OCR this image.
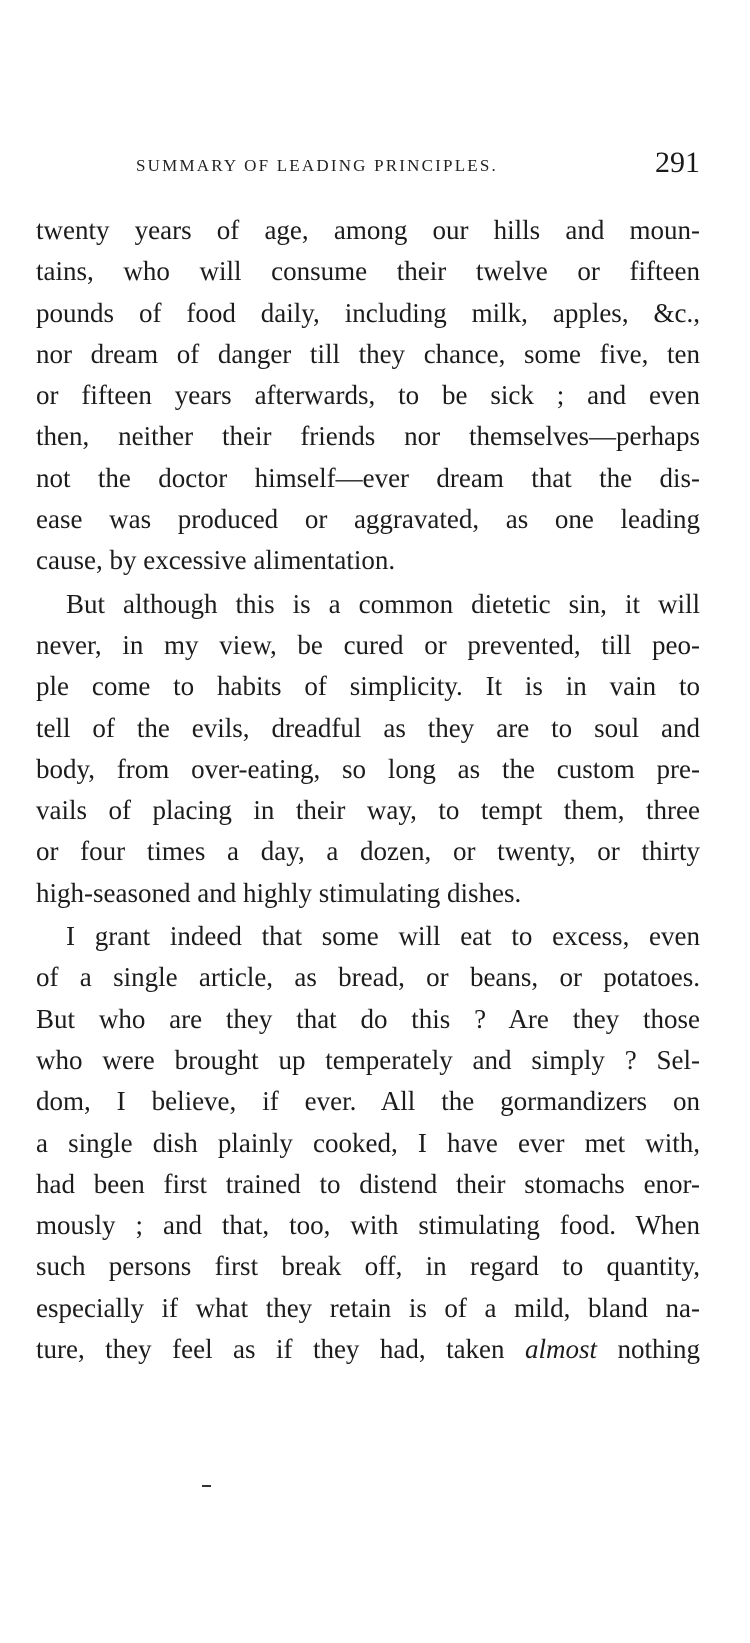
SUMMARY OF LEADING PRINCIPLES.	291
twenty years of age, among our hills and moun-
tains, who will consume their twelve or fifteen
pounds of food daily, including milk, apples, &c.,
nor dream of danger till they chance, some five, ten
or fifteen years afterwards, to be sick ; and even
then, neither their friends nor themselves—perhaps
not the doctor himself—ever dream that the dis-
ease was produced or aggravated, as one leading
cause, by excessive alimentation.
But although this is a common dietetic sin, it will
never, in my view, be cured or prevented, till peo-
ple come to habits of simplicity. It is in vain to
tell of the evils, dreadful as they are to soul and
body, from over-eating, so long as the custom pre-
vails of placing in their way, to tempt them, three
or four times a day, a dozen, or twenty, or thirty
high-seasoned and highly stimulating dishes.
I grant indeed that some will eat to excess, even
of a single article, as bread, or beans, or potatoes.
But who are they that do this ? Are they those
who were brought up temperately and simply ? Sel-
dom, I believe, if ever. All the gormandizers on
a single dish plainly cooked, I have ever met with,
had been first trained to distend their stomachs enor-
mously ; and that, too, with stimulating food. When
such persons first break off, in regard to quantity,
especially if what they retain is of a mild, bland na-
ture, they feel as if they had, taken almost nothing
